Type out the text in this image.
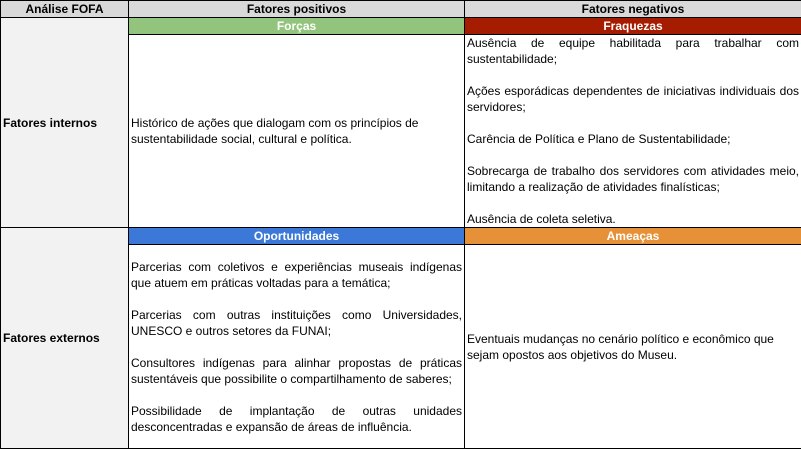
Análise FOFA	Fatores positivos	Fatores negativos
Fatores internos	Forças	Fraquezas

	Histórico de ações que dialogam com os princípios de sustentabilidade social, cultural e política.	Ausência de equipe habilitada para trabalhar com sustentabilidade;

Ações esporádicas dependentes de iniciativas individuais dos servidores;

Carência de Política e Plano de Sustentabilidade;

Sobrecarga de trabalho dos servidores com atividades meio, limitando a realização de atividades finalísticas;

Ausência de coleta seletiva.

Fatores externos	Oportunidades	Ameaças

	Parcerias com coletivos e experiências museais indígenas que atuem em práticas voltadas para a temática;

Parcerias com outras instituições como Universidades, UNESCO e outros setores da FUNAI;

Consultores indígenas para alinhar propostas de práticas sustentáveis que possibilite o compartilhamento de saberes;

Possibilidade de implantação de outras unidades desconcentradas e expansão de áreas de influência.	Eventuais mudanças no cenário político e econômico que sejam opostos aos objetivos do Museu.
